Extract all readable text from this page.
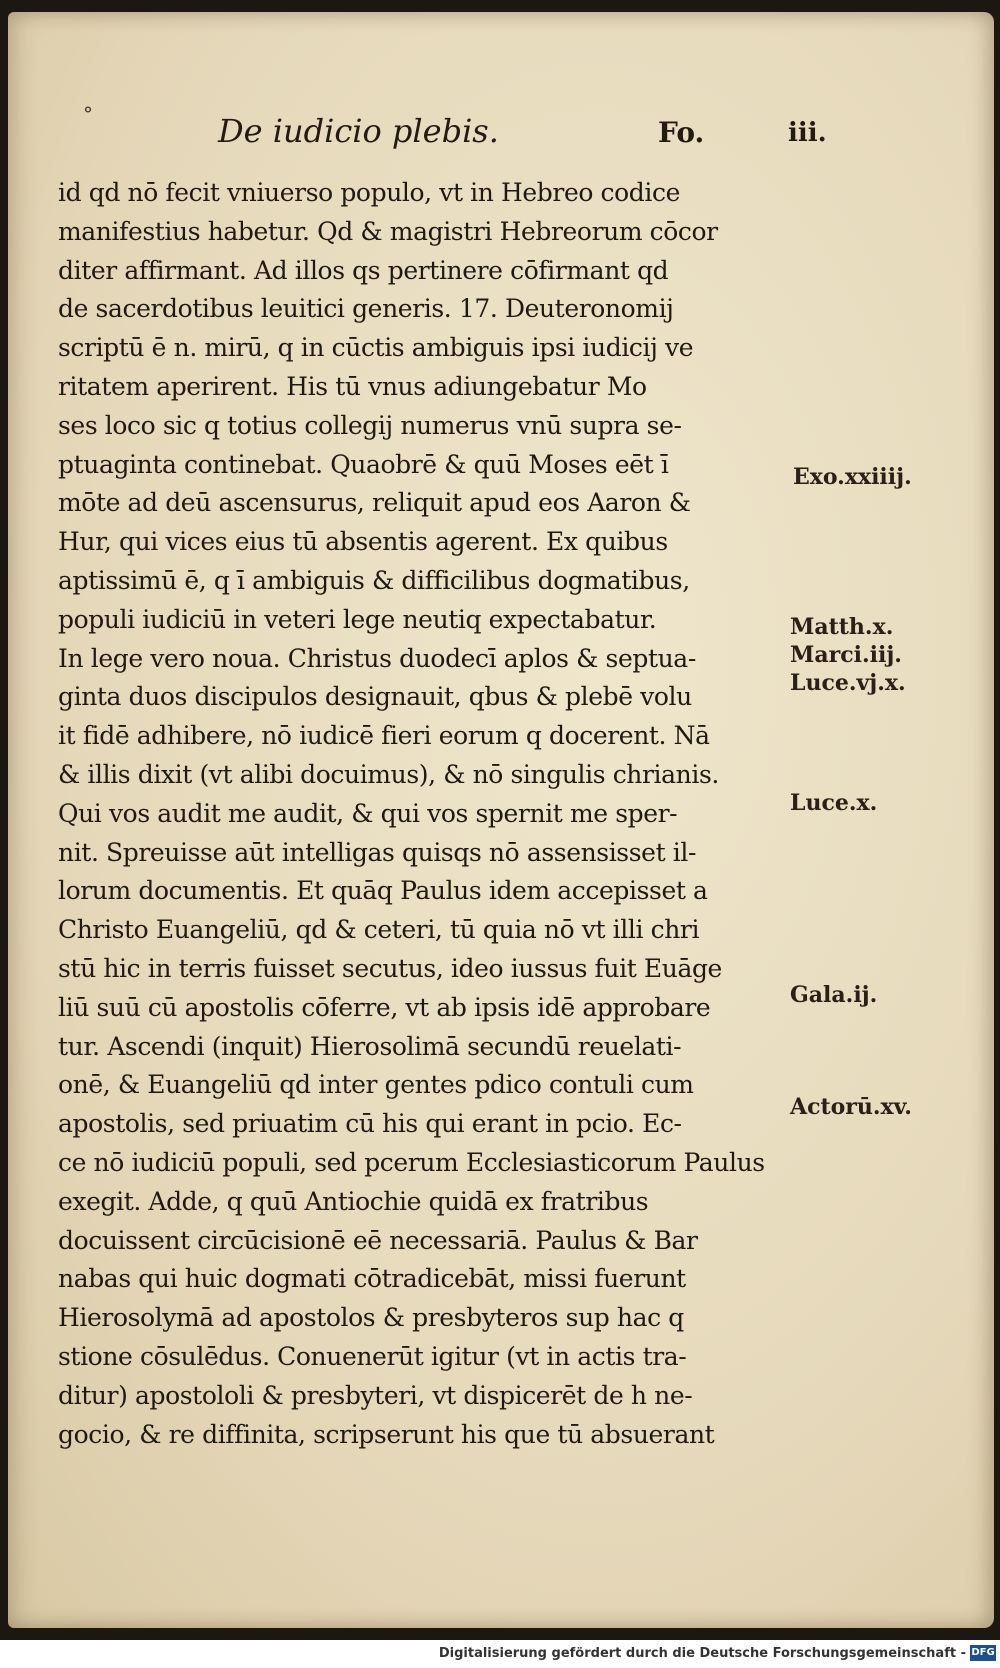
°	De iudicio plebis.	Fo.	iii.
id qd nō fecit vniuerso populo, vt in Hebreo codice
manifestius habetur. Qd & magistri Hebreorum cōcor
diter affirmant. Ad illos qs pertinere cōfirmant qd
de sacerdotibus leuitici generis. 17. Deuteronomij
scriptū ē n. mirū, q in cūctis ambiguis ipsi iudicij ve
ritatem aperirent. His tū vnus adiungebatur Mo
ses loco sic q totius collegij numerus vnū supra se-
ptuaginta continebat. Quaobrē & quū Moses eēt ī
mōte ad deū ascensurus, reliquit apud eos Aaron &
Hur, qui vices eius tū absentis agerent. Ex quibus
aptissimū ē, q ī ambiguis & difficilibus dogmatibus,
populi iudiciū in veteri lege neutiq expectabatur.
In lege vero noua. Christus duodecī aplos & septua-
ginta duos discipulos designauit, qbus & plebē volu
it fidē adhibere, nō iudicē fieri eorum q docerent. Nā
& illis dixit (vt alibi docuimus), & nō singulis chrianis.
Qui vos audit me audit, & qui vos spernit me sper-
nit. Spreuisse aūt intelligas quisqs nō assensisset il-
lorum documentis. Et quāq Paulus idem accepisset a
Christo Euangeliū, qd & ceteri, tū quia nō vt illi chri
stū hic in terris fuisset secutus, ideo iussus fuit Euāge
liū suū cū apostolis cōferre, vt ab ipsis idē approbare
tur. Ascendi (inquit) Hierosolimā secundū reuelati-
onē, & Euangeliū qd inter gentes pdico contuli cum
apostolis, sed priuatim cū his qui erant in pcio. Ec-
ce nō iudiciū populi, sed pcerum Ecclesiasticorum Paulus
exegit. Adde, q quū Antiochie quidā ex fratribus
docuissent circūcisionē eē necessariā. Paulus & Bar
nabas qui huic dogmati cōtradicebāt, missi fuerunt
Hierosolymā ad apostolos & presbyteros sup hac q
stione cōsulēdus. Conuenerūt igitur (vt in actis tra-
ditur) apostololi & presbyteri, vt dispicerēt de h ne-
gocio, & re diffinita, scripserunt his que tū absuerant
Exo.xxiiij.
Matth.x.
Marci.iij.
Luce.vj.x.
Luce.x.
Gala.ij.
Actorū.xv.
Digitalisierung gefördert durch die Deutsche Forschungsgemeinschaft - DFG
